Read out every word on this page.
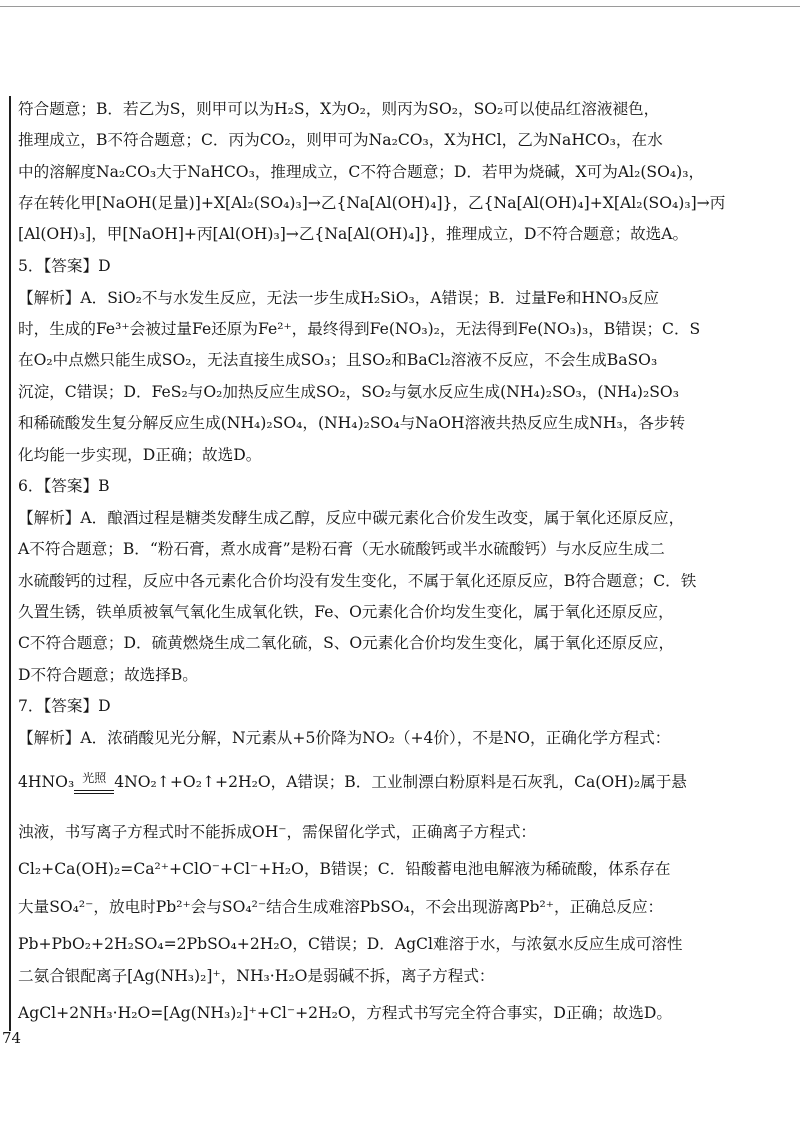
符合题意；B．若乙为S，则甲可以为H₂S，X为O₂，则丙为SO₂，SO₂可以使品红溶液褪色，
推理成立，B不符合题意；C．丙为CO₂，则甲可为Na₂CO₃，X为HCl，乙为NaHCO₃，在水
中的溶解度Na₂CO₃大于NaHCO₃，推理成立，C不符合题意；D．若甲为烧碱，X可为Al₂(SO₄)₃，
存在转化甲[NaOH(足量)]+X[Al₂(SO₄)₃]→乙{Na[Al(OH)₄]}，乙{Na[Al(OH)₄]+X[Al₂(SO₄)₃]→丙
[Al(OH)₃]，甲[NaOH]+丙[Al(OH)₃]→乙{Na[Al(OH)₄]}，推理成立，D不符合题意；故选A。
5．【答案】D
【解析】A．SiO₂不与水发生反应，无法一步生成H₂SiO₃，A错误；B．过量Fe和HNO₃反应
时，生成的Fe³⁺会被过量Fe还原为Fe²⁺，最终得到Fe(NO₃)₂，无法得到Fe(NO₃)₃，B错误；C．S
在O₂中点燃只能生成SO₂，无法直接生成SO₃；且SO₂和BaCl₂溶液不反应，不会生成BaSO₃
沉淀，C错误；D．FeS₂与O₂加热反应生成SO₂，SO₂与氨水反应生成(NH₄)₂SO₃，(NH₄)₂SO₃
和稀硫酸发生复分解反应生成(NH₄)₂SO₄，(NH₄)₂SO₄与NaOH溶液共热反应生成NH₃，各步转
化均能一步实现，D正确；故选D。
6．【答案】B
【解析】A．酿酒过程是糖类发酵生成乙醇，反应中碳元素化合价发生改变，属于氧化还原反应，
A不符合题意；B．“粉石膏，煮水成膏”是粉石膏（无水硫酸钙或半水硫酸钙）与水反应生成二
水硫酸钙的过程，反应中各元素化合价均没有发生变化，不属于氧化还原反应，B符合题意；C．铁
久置生锈，铁单质被氧气氧化生成氧化铁，Fe、O元素化合价均发生变化，属于氧化还原反应，
C不符合题意；D．硫黄燃烧生成二氧化硫，S、O元素化合价均发生变化，属于氧化还原反应，
D不符合题意；故选择B。
7．【答案】D
【解析】A．浓硝酸见光分解，N元素从+5价降为NO₂（+4价），不是NO，正确化学方程式：
4HNO₃ 光照 4NO₂↑+O₂↑+2H₂O，A错误；B．工业制漂白粉原料是石灰乳，Ca(OH)₂属于悬
浊液，书写离子方程式时不能拆成OH⁻，需保留化学式，正确离子方程式：
Cl₂+Ca(OH)₂=Ca²⁺+ClO⁻+Cl⁻+H₂O，B错误；C．铅酸蓄电池电解液为稀硫酸，体系存在
大量SO₄²⁻，放电时Pb²⁺会与SO₄²⁻结合生成难溶PbSO₄，不会出现游离Pb²⁺，正确总反应：
Pb+PbO₂+2H₂SO₄=2PbSO₄+2H₂O，C错误；D．AgCl难溶于水，与浓氨水反应生成可溶性
二氨合银配离子[Ag(NH₃)₂]⁺，NH₃·H₂O是弱碱不拆，离子方程式：
AgCl+2NH₃·H₂O=[Ag(NH₃)₂]⁺+Cl⁻+2H₂O，方程式书写完全符合事实，D正确；故选D。
74
